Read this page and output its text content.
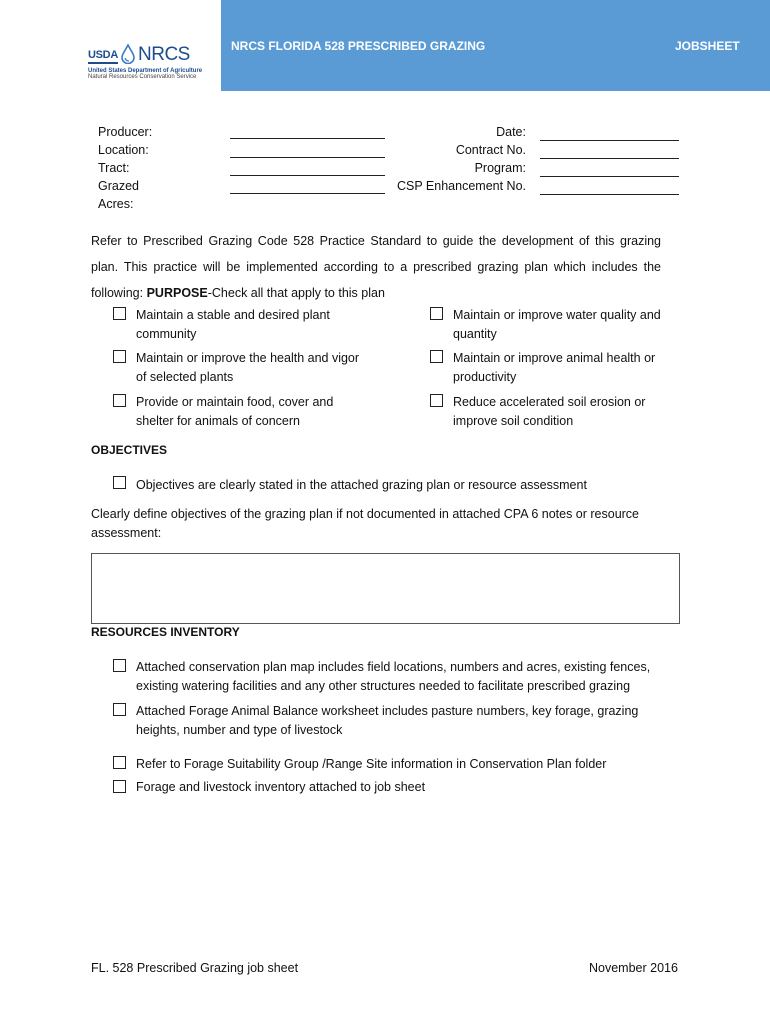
USDA NRCS
United States Department of Agriculture
Natural Resources Conservation Service
NRCS FLORIDA 528 PRESCRIBED GRAZING	JOBSHEET
Producer:
Location:
Tract:
Grazed
Acres:
Date:
Contract No.
Program:
CSP Enhancement No.
Refer to Prescribed Grazing Code 528 Practice Standard to guide the development of this grazing plan. This practice will be implemented according to a prescribed grazing plan which includes the following: PURPOSE-Check all that apply to this plan
Maintain a stable and desired plant community
Maintain or improve the health and vigor of selected plants
Provide or maintain food, cover and shelter for animals of concern
Maintain or improve water quality and quantity
Maintain or improve animal health or productivity
Reduce accelerated soil erosion or improve soil condition
OBJECTIVES
Objectives are clearly stated in the attached grazing plan or resource assessment
Clearly define objectives of the grazing plan if not documented in attached CPA 6 notes or resource assessment:
RESOURCES INVENTORY
Attached conservation plan map includes field locations, numbers and acres, existing fences, existing watering facilities and any other structures needed to facilitate prescribed grazing
Attached Forage Animal Balance worksheet includes pasture numbers, key forage, grazing heights, number and type of livestock
Refer to Forage Suitability Group /Range Site information in Conservation Plan folder
Forage and livestock inventory attached to job sheet
FL. 528 Prescribed Grazing job sheet	November 2016
